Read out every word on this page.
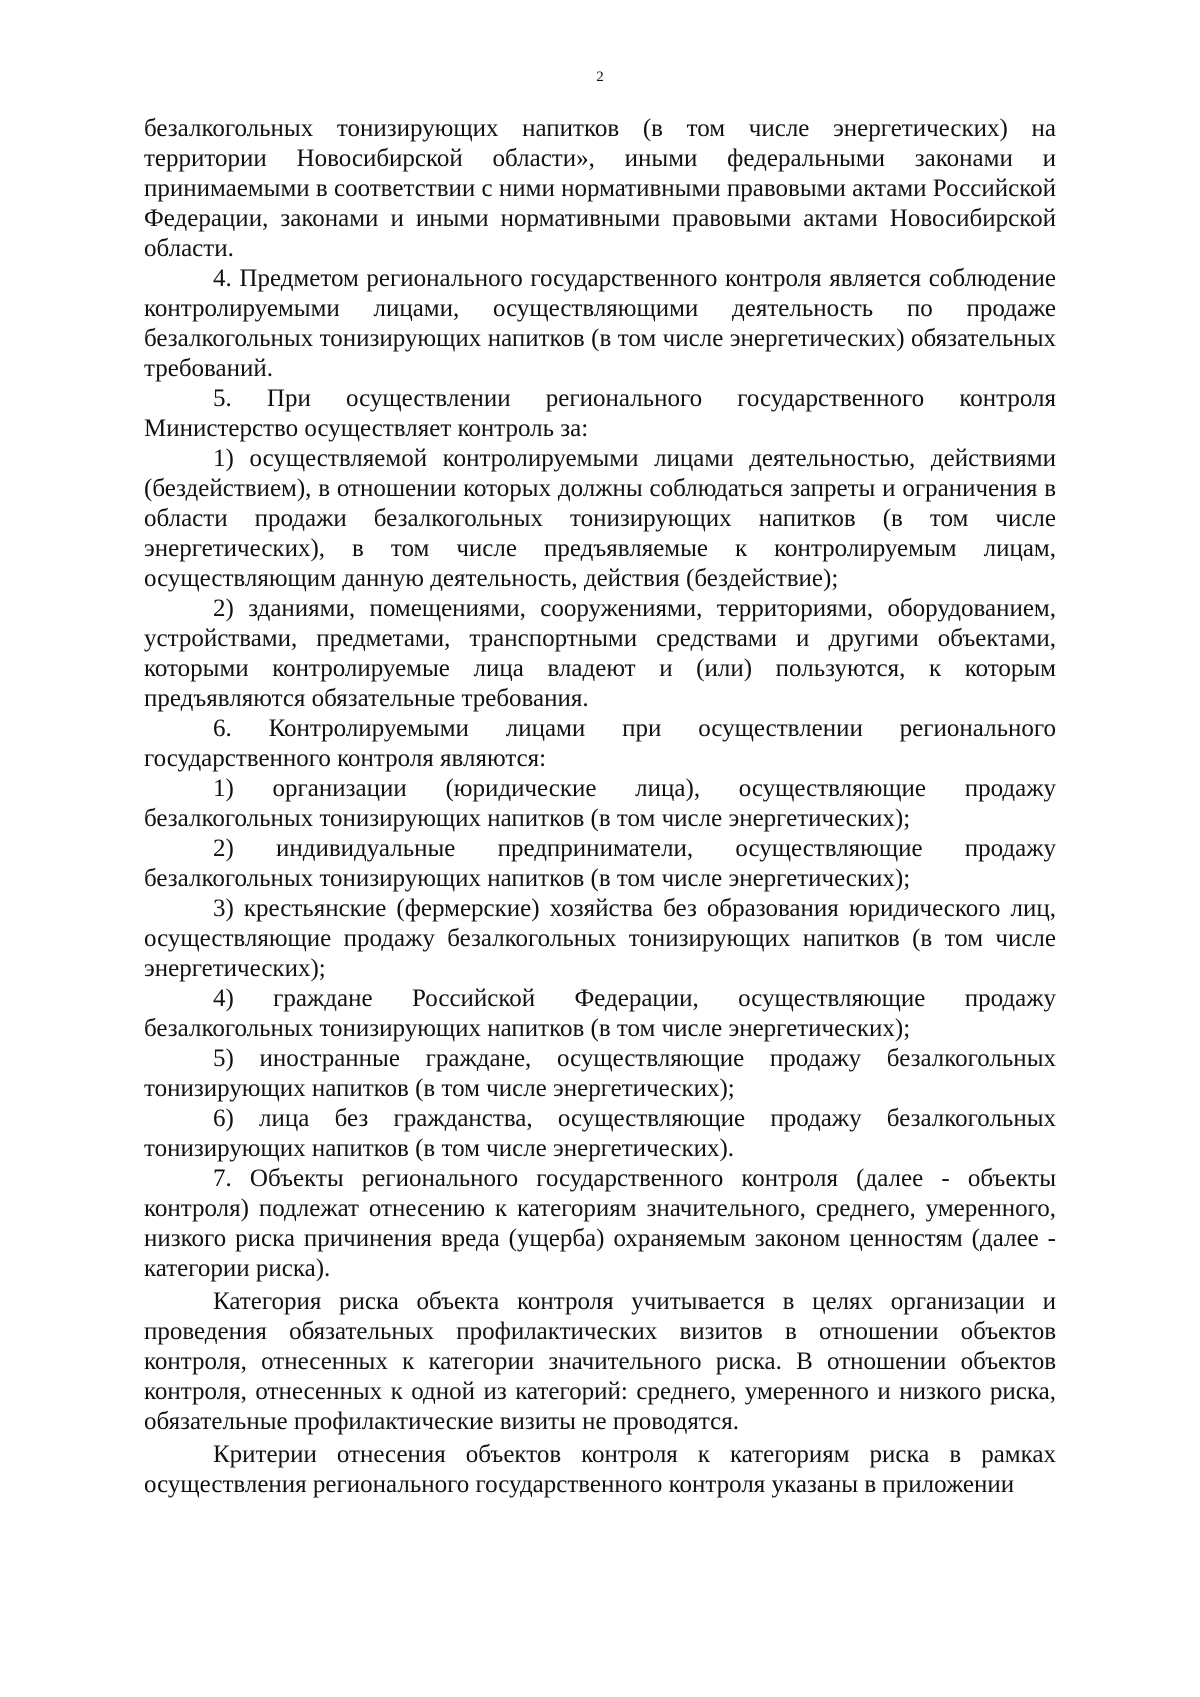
2

безалкогольных тонизирующих напитков (в том числе энергетических) на территории Новосибирской области», иными федеральными законами и принимаемыми в соответствии с ними нормативными правовыми актами Российской Федерации, законами и иными нормативными правовыми актами Новосибирской области.

4. Предметом регионального государственного контроля является соблюдение контролируемыми лицами, осуществляющими деятельность по продаже безалкогольных тонизирующих напитков (в том числе энергетических) обязательных требований.

5. При осуществлении регионального государственного контроля Министерство осуществляет контроль за:

1) осуществляемой контролируемыми лицами деятельностью, действиями (бездействием), в отношении которых должны соблюдаться запреты и ограничения в области продажи безалкогольных тонизирующих напитков (в том числе энергетических), в том числе предъявляемые к контролируемым лицам, осуществляющим данную деятельность, действия (бездействие);

2) зданиями, помещениями, сооружениями, территориями, оборудованием, устройствами, предметами, транспортными средствами и другими объектами, которыми контролируемые лица владеют и (или) пользуются, к которым предъявляются обязательные требования.

6. Контролируемыми лицами при осуществлении регионального государственного контроля являются:

1) организации (юридические лица), осуществляющие продажу безалкогольных тонизирующих напитков (в том числе энергетических);

2) индивидуальные предприниматели, осуществляющие продажу безалкогольных тонизирующих напитков (в том числе энергетических);

3) крестьянские (фермерские) хозяйства без образования юридического лиц, осуществляющие продажу безалкогольных тонизирующих напитков (в том числе энергетических);

4) граждане Российской Федерации, осуществляющие продажу безалкогольных тонизирующих напитков (в том числе энергетических);

5) иностранные граждане, осуществляющие продажу безалкогольных тонизирующих напитков (в том числе энергетических);

6) лица без гражданства, осуществляющие продажу безалкогольных тонизирующих напитков (в том числе энергетических).

7. Объекты регионального государственного контроля (далее - объекты контроля) подлежат отнесению к категориям значительного, среднего, умеренного, низкого риска причинения вреда (ущерба) охраняемым законом ценностям (далее - категории риска).

Категория риска объекта контроля учитывается в целях организации и проведения обязательных профилактических визитов в отношении объектов контроля, отнесенных к категории значительного риска. В отношении объектов контроля, отнесенных к одной из категорий: среднего, умеренного и низкого риска, обязательные профилактические визиты не проводятся.

Критерии отнесения объектов контроля к категориям риска в рамках осуществления регионального государственного контроля указаны в приложении
